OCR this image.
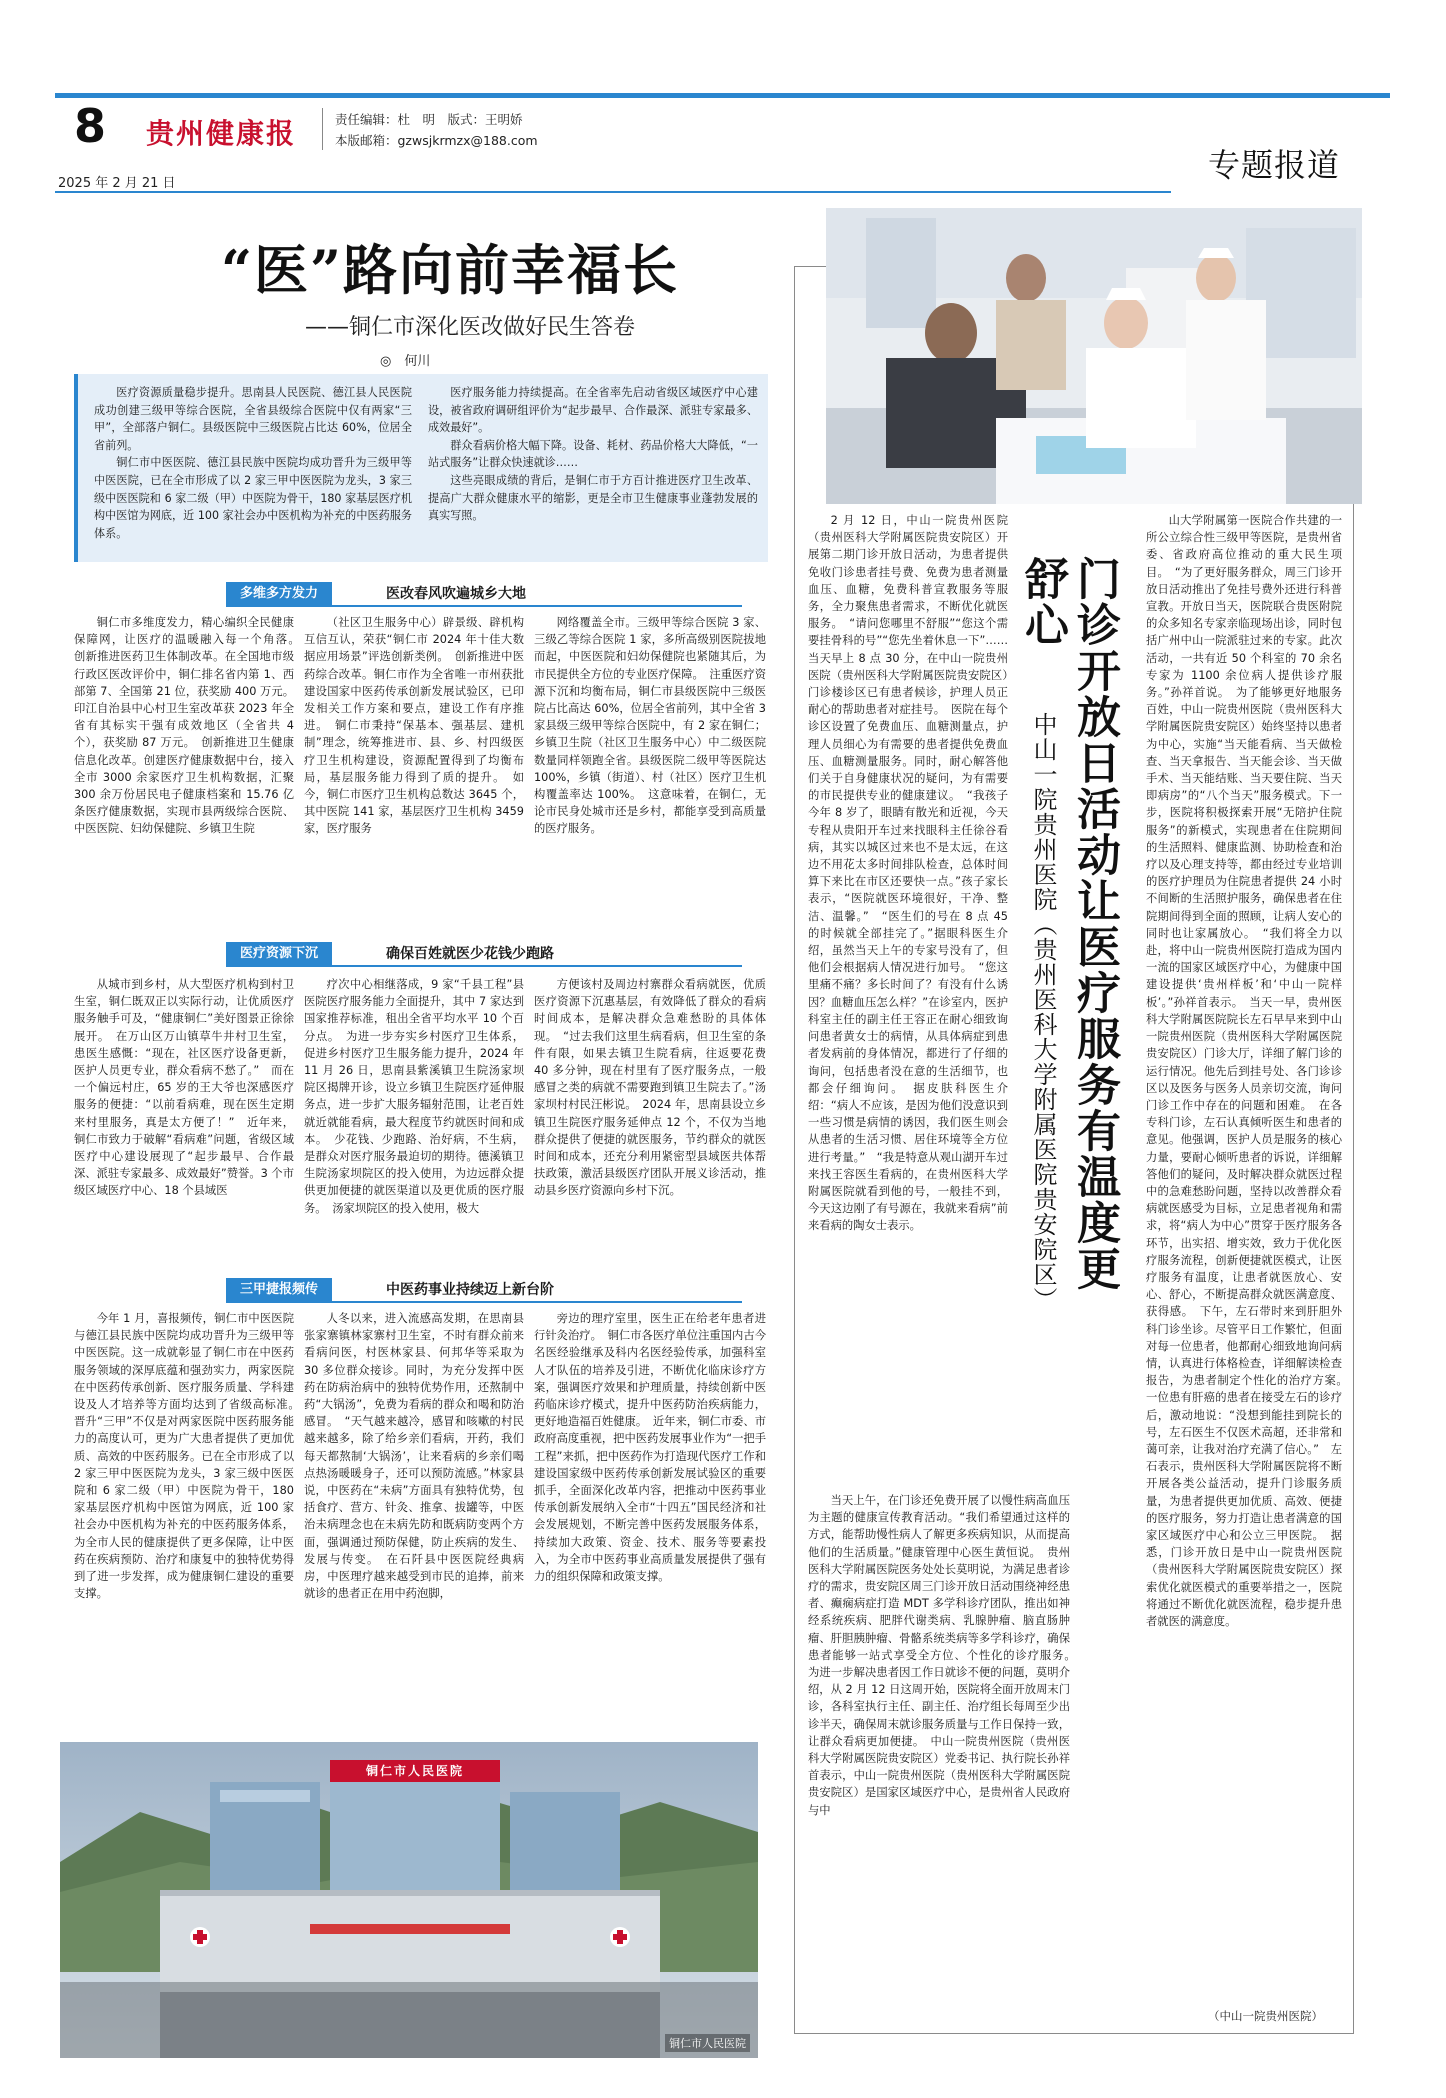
8 贵州健康报	责任编辑：杜　明　版式：王明娇
本版邮箱：gzwsjkrmzx@188.com
2025 年 2 月 21 日	专题报道
“医”路向前幸福长
——铜仁市深化医改做好民生答卷
◎　何川

医疗资源质量稳步提升。思南县人民医院、德江县人民医院成功创建三级甲等综合医院，全省县级综合医院中仅有两家“三甲”，全部落户铜仁。县级医院中三级医院占比达 60%，位居全省前列。

铜仁市中医医院、德江县民族中医院均成功晋升为三级甲等中医医院，已在全市形成了以 2 家三甲中医医院为龙头，3 家三级中医医院和 6 家二级（甲）中医院为骨干，180 家基层医疗机构中医馆为网底，近 100 家社会办中医机构为补充的中医药服务体系。

医疗服务能力持续提高。在全省率先启动省级区域医疗中心建设，被省政府调研组评价为“起步最早、合作最深、派驻专家最多、成效最好”。

群众看病价格大幅下降。设备、耗材、药品价格大大降低，“一站式服务”让群众快速就诊……

这些亮眼成绩的背后，是铜仁市于方百计推进医疗卫生改革、提高广大群众健康水平的缩影，更是全市卫生健康事业蓬勃发展的真实写照。

多维多方发力	医改春风吹遍城乡大地

铜仁市多维度发力，精心编织全民健康保障网，让医疗的温暖融入每一个角落。　创新推进医药卫生体制改革。在全国地市级行政区医改评价中，铜仁排名省内第 1、西部第 7、全国第 21 位，获奖励 400 万元。印江自治县中心村卫生室改革获 2023 年全省有其标实干强有成效地区（全省共 4 个），获奖励 87 万元。　创新推进卫生健康信息化改革。创建医疗健康数据中台，接入全市 3000 余家医疗卫生机构数据，汇聚 300 余万份居民电子健康档案和 15.76 亿条医疗健康数据，实现市县两级综合医院、中医医院、妇幼保健院、乡镇卫生院

（社区卫生服务中心）辟景级、辟机构互信互认，荣获“铜仁市 2024 年十佳大数据应用场景”评选创新类例。　创新推进中医药综合改革。铜仁市作为全省唯一市州获批建设国家中医药传承创新发展试验区，已印发相关工作方案和要点，建设工作有序推进。　铜仁市秉持“保基本、强基层、建机制”理念，统筹推进市、县、乡、村四级医疗卫生机构建设，资源配置得到了均衡布局，基层服务能力得到了质的提升。　如今，铜仁市医疗卫生机构总数达 3645 个，其中医院 141 家，基层医疗卫生机构 3459 家，医疗服务

网络覆盖全市。三级甲等综合医院 3 家、三级乙等综合医院 1 家，多所高级别医院拔地而起，中医医院和妇幼保健院也紧随其后，为市民提供全方位的专业医疗保障。　注重医疗资源下沉和均衡布局，铜仁市县级医院中三级医院占比高达 60%，位居全省前列，其中全省 3 家县级三级甲等综合医院中，有 2 家在铜仁；乡镇卫生院（社区卫生服务中心）中二级医院数量同样领跑全省。县级医院二级甲等医院达 100%，乡镇（街道）、村（社区）医疗卫生机构覆盖率达 100%。　这意味着，在铜仁，无论市民身处城市还是乡村，都能享受到高质量的医疗服务。

医疗资源下沉	确保百姓就医少花钱少跑路

从城市到乡村，从大型医疗机构到村卫生室，铜仁既双正以实际行动，让优质医疗服务触手可及，“健康铜仁”美好图景正徐徐展开。　在万山区万山镇草牛井村卫生室，患医生感慨：“现在，社区医疗设备更新，医护人员更专业，群众看病不愁了。”　而在一个偏远村庄，65 岁的王大爷也深感医疗服务的便捷：“以前看病难，现在医生定期来村里服务，真是太方便了！”　近年来，铜仁市致力于破解“看病难”问题，省级区域医疗中心建设展现了“起步最早、合作最深、派驻专家最多、成效最好”赞誉。3 个市级区域医疗中心、18 个县域医

疗次中心相继落成，9 家“千县工程”县医院医疗服务能力全面提升，其中 7 家达到国家推荐标准，租出全省平均水平 10 个百分点。　为进一步夯实乡村医疗卫生体系，促进乡村医疗卫生服务能力提升，2024 年 11 月 26 日，思南县紫溪镇卫生院汤家坝院区揭牌开诊，设立乡镇卫生院医疗延伸服务点，进一步扩大服务辐射范围，让老百姓就近就能看病，最大程度节约就医时间和成本。　少花钱、少跑路、治好病，不生病，是群众对医疗服务最迫切的期待。德溪镇卫生院汤家坝院区的投入使用，为边远群众提供更加便捷的就医渠道以及更优质的医疗服务。　汤家坝院区的投入使用，极大

方便该村及周边村寨群众看病就医，优质医疗资源下沉惠基层，有效降低了群众的看病时间成本，是解决群众急难愁盼的具体体现。　“过去我们这里生病看病，但卫生室的条件有限，如果去镇卫生院看病，往返要花费 40 多分钟，现在村里有了医疗服务点，一般感冒之类的病就不需要跑到镇卫生院去了。”汤家坝村村民汪彬说。　2024 年，思南县设立乡镇卫生院医疗服务延伸点 12 个，不仅为当地群众提供了便捷的就医服务，节约群众的就医时间和成本，还充分利用紧密型县域医共体帮扶政策，激活县级医疗团队开展义诊活动，推动县乡医疗资源向乡村下沉。

三甲捷报频传	中医药事业持续迈上新台阶

今年 1 月，喜报频传，铜仁市中医医院与德江县民族中医院均成功晋升为三级甲等中医医院。这一成就彰显了铜仁市在中医药服务领域的深厚底蕴和强劲实力，两家医院在中医药传承创新、医疗服务质量、学科建设及人才培养等方面均达到了省级高标准。　晋升“三甲”不仅是对两家医院中医药服务能力的高度认可，更为广大患者提供了更加优质、高效的中医药服务。已在全市形成了以 2 家三甲中医医院为龙头，3 家三级中医医院和 6 家二级（甲）中医院为骨干，180 家基层医疗机构中医馆为网底，近 100 家社会办中医机构为补充的中医药服务体系，为全市人民的健康提供了更多保障，让中医药在疾病预防、治疗和康复中的独特优势得到了进一步发挥，成为健康铜仁建设的重要支撑。

人冬以来，进入流感高发期，在思南县张家寨镇林家寨村卫生室，不时有群众前来看病问医，村医林家县、何邦华等采取为 30 多位群众接诊。同时，为充分发挥中医药在防病治病中的独特优势作用，还熬制中药“大锅汤”，免费为看病的群众和喝和防治感冒。　“天气越来越冷，感冒和咳嗽的村民越来越多，除了给乡亲们看病，开药，我们每天都熬制‘大锅汤’，让来看病的乡亲们喝点热汤暖暖身子，还可以预防流感。”林家县说，中医药在“未病”方面具有独特优势，包括食疗、营方、针灸、推拿、拔罐等，中医治未病理念也在未病先防和既病防变两个方面，强调通过预防保健，防止疾病的发生、发展与传变。　在石阡县中医医院经典病房，中医理疗越来越受到市民的追捧，前来就诊的患者正在用中药泡脚，

旁边的理疗室里，医生正在给老年患者进行针灸治疗。　铜仁市各医疗单位注重国内古今名医经验继承及科内名医经验传承，加强科室人才队伍的培养及引进，不断优化临床诊疗方案，强调医疗效果和护理质量，持续创新中医药临床诊疗模式，提升中医药防治疾病能力，更好地造福百姓健康。　近年来，铜仁市委、市政府高度重视，把中医药发展事业作为“一把手工程”来抓，把中医药作为打造现代医疗工作和建设国家级中医药传承创新发展试验区的重要抓手，全面深化改革内容，把推动中医药事业传承创新发展纳入全市“十四五”国民经济和社会发展规划，不断完善中医药发展服务体系，持续加大政策、资金、技术、服务等要素投入，为全市中医药事业高质量发展提供了强有力的组织保障和政策支撑。

铜仁市人民医院
铜仁市人民医院
门诊开放日活动让医疗服务有温度更舒心
中山一院贵州医院（贵州医科大学附属医院贵安院区）

2 月 12 日，中山一院贵州医院（贵州医科大学附属医院贵安院区）开展第二期门诊开放日活动，为患者提供免收门诊患者挂号费、免费为患者测量血压、血糖，免费科普宣教服务等服务，全力聚焦患者需求，不断优化就医服务。　“请问您哪里不舒服”“您这个需要挂骨科的号”“您先坐着休息一下”……当天早上 8 点 30 分，在中山一院贵州医院（贵州医科大学附属医院贵安院区）门诊楼诊区已有患者候诊，护理人员正耐心的帮助患者对症挂号。　医院在每个诊区设置了免费血压、血糖测量点，护理人员细心为有需要的患者提供免费血压、血糖测量服务。同时，耐心解答他们关于自身健康状况的疑问，为有需要的市民提供专业的健康建议。　“我孩子今年 8 岁了，眼睛有散光和近视，今天专程从贵阳开车过来找眼科主任徐谷看病，其实以城区过来也不是太远，在这边不用花太多时间排队检查，总体时间算下来比在市区还要快一点。”孩子家长表示，“医院就医环境很好，干净、整洁、温馨。”　“医生们的号在 8 点 45 的时候就全部挂完了。”据眼科医生介绍，虽然当天上午的专家号没有了，但他们会根据病人情况进行加号。　“您这里痛不痛？多长时间了？有没有什么诱因？血糖血压怎么样？”在诊室内，医护科室主任的副主任王容正在耐心细致询问患者黄女士的病情，从具体病症到患者发病前的身体情况，都进行了仔细的询问，包括患者没在意的生活细节，也都会仔细询问。　据皮肤科医生介绍：“病人不应该，是因为他们没意识到一些习惯是病情的诱因，我们医生则会从患者的生活习惯、居住环境等全方位进行考量。”　“我是特意从观山湖开车过来找王容医生看病的，在贵州医科大学附属医院就看到他的号，一般挂不到，今天这边刚了有号源在，我就来看病”前来看病的陶女士表示。

当天上午，在门诊还免费开展了以慢性病高血压为主题的健康宣传教育活动。“我们希望通过这样的方式，能帮助慢性病人了解更多疾病知识，从而提高他们的生活质量。”健康管理中心医生黄恒说。　贵州医科大学附属医院医务处处长莫明说，为满足患者诊疗的需求，贵安院区周三门诊开放日活动围绕神经患者、癫痫病症打造 MDT 多学科诊疗团队，推出如神经系统疾病、肥胖代谢类病、乳腺肿瘤、脑直肠肿瘤、肝胆胰肿瘤、骨骼系统类病等多学科诊疗，确保患者能够一站式享受全方位、个性化的诊疗服务。　为进一步解决患者因工作日就诊不便的问题，莫明介绍，从 2 月 12 日这周开始，医院将全面开放周末门诊，各科室执行主任、副主任、治疗组长每周至少出诊半天，确保周末就诊服务质量与工作日保持一致，让群众看病更加便捷。　中山一院贵州医院（贵州医科大学附属医院贵安院区）党委书记、执行院长孙祥首表示，中山一院贵州医院（贵州医科大学附属医院贵安院区）是国家区域医疗中心，是贵州省人民政府与中

山大学附属第一医院合作共建的一所公立综合性三级甲等医院，是贵州省委、省政府高位推动的重大民生项目。　“为了更好服务群众，周三门诊开放日活动推出了免挂号费外还进行科普宣教。开放日当天，医院联合贵医附院的众多知名专家亲临现场出诊，同时包括广州中山一院派驻过来的专家。此次活动，一共有近 50 个科室的 70 余名专家为 1100 余位病人提供诊疗服务。”孙祥首说。　为了能够更好地服务百姓，中山一院贵州医院（贵州医科大学附属医院贵安院区）始终坚持以患者为中心，实施“当天能看病、当天做检查、当天拿报告、当天能会诊、当天做手术、当天能结账、当天要住院、当天即病房”的“八个当天”服务模式。下一步，医院将积极探索开展“无陪护住院服务”的新模式，实现患者在住院期间的生活照料、健康监测、协助检查和治疗以及心理支持等，都由经过专业培训的医疗护理员为住院患者提供 24 小时不间断的生活照护服务，确保患者在住院期间得到全面的照顾，让病人安心的同时也让家属放心。　“我们将全力以赴，将中山一院贵州医院打造成为国内一流的国家区域医疗中心，为健康中国建设提供‘贵州样板’和‘中山一院样板’。”孙祥首表示。　当天一早，贵州医科大学附属医院院长左石早早来到中山一院贵州医院（贵州医科大学附属医院贵安院区）门诊大厅，详细了解门诊的运行情况。他先后到挂号处、各门诊诊区以及医务与医务人员亲切交流，询问门诊工作中存在的问题和困难。　在各专科门诊，左石认真倾听医生和患者的意见。他强调，医护人员是服务的核心力量，要耐心倾听患者的诉说，详细解答他们的疑问，及时解决群众就医过程中的急难愁盼问题，坚持以改善群众看病就医感受为目标，立足患者视角和需求，将“病人为中心”贯穿于医疗服务各环节，出实招、增实效，致力于优化医疗服务流程，创新便捷就医模式，让医疗服务有温度，让患者就医放心、安心、舒心，不断提高群众就医满意度、获得感。　下午，左石带时来到肝胆外科门诊坐诊。尽管平日工作繁忙，但面对每一位患者，他都耐心细致地询问病情，认真进行体格检查，详细解读检查报告，为患者制定个性化的治疗方案。　一位患有肝癌的患者在接受左石的诊疗后，激动地说：“没想到能挂到院长的号，左石医生不仅医术高超，还非常和蔼可亲，让我对治疗充满了信心。”　左石表示，贵州医科大学附属医院将不断开展各类公益活动，提升门诊服务质量，为患者提供更加优质、高效、便捷的医疗服务，努力打造让患者满意的国家区域医疗中心和公立三甲医院。　据悉，门诊开放日是中山一院贵州医院（贵州医科大学附属医院贵安院区）探索优化就医模式的重要举措之一，医院将通过不断优化就医流程，稳步提升患者就医的满意度。

（中山一院贵州医院）
